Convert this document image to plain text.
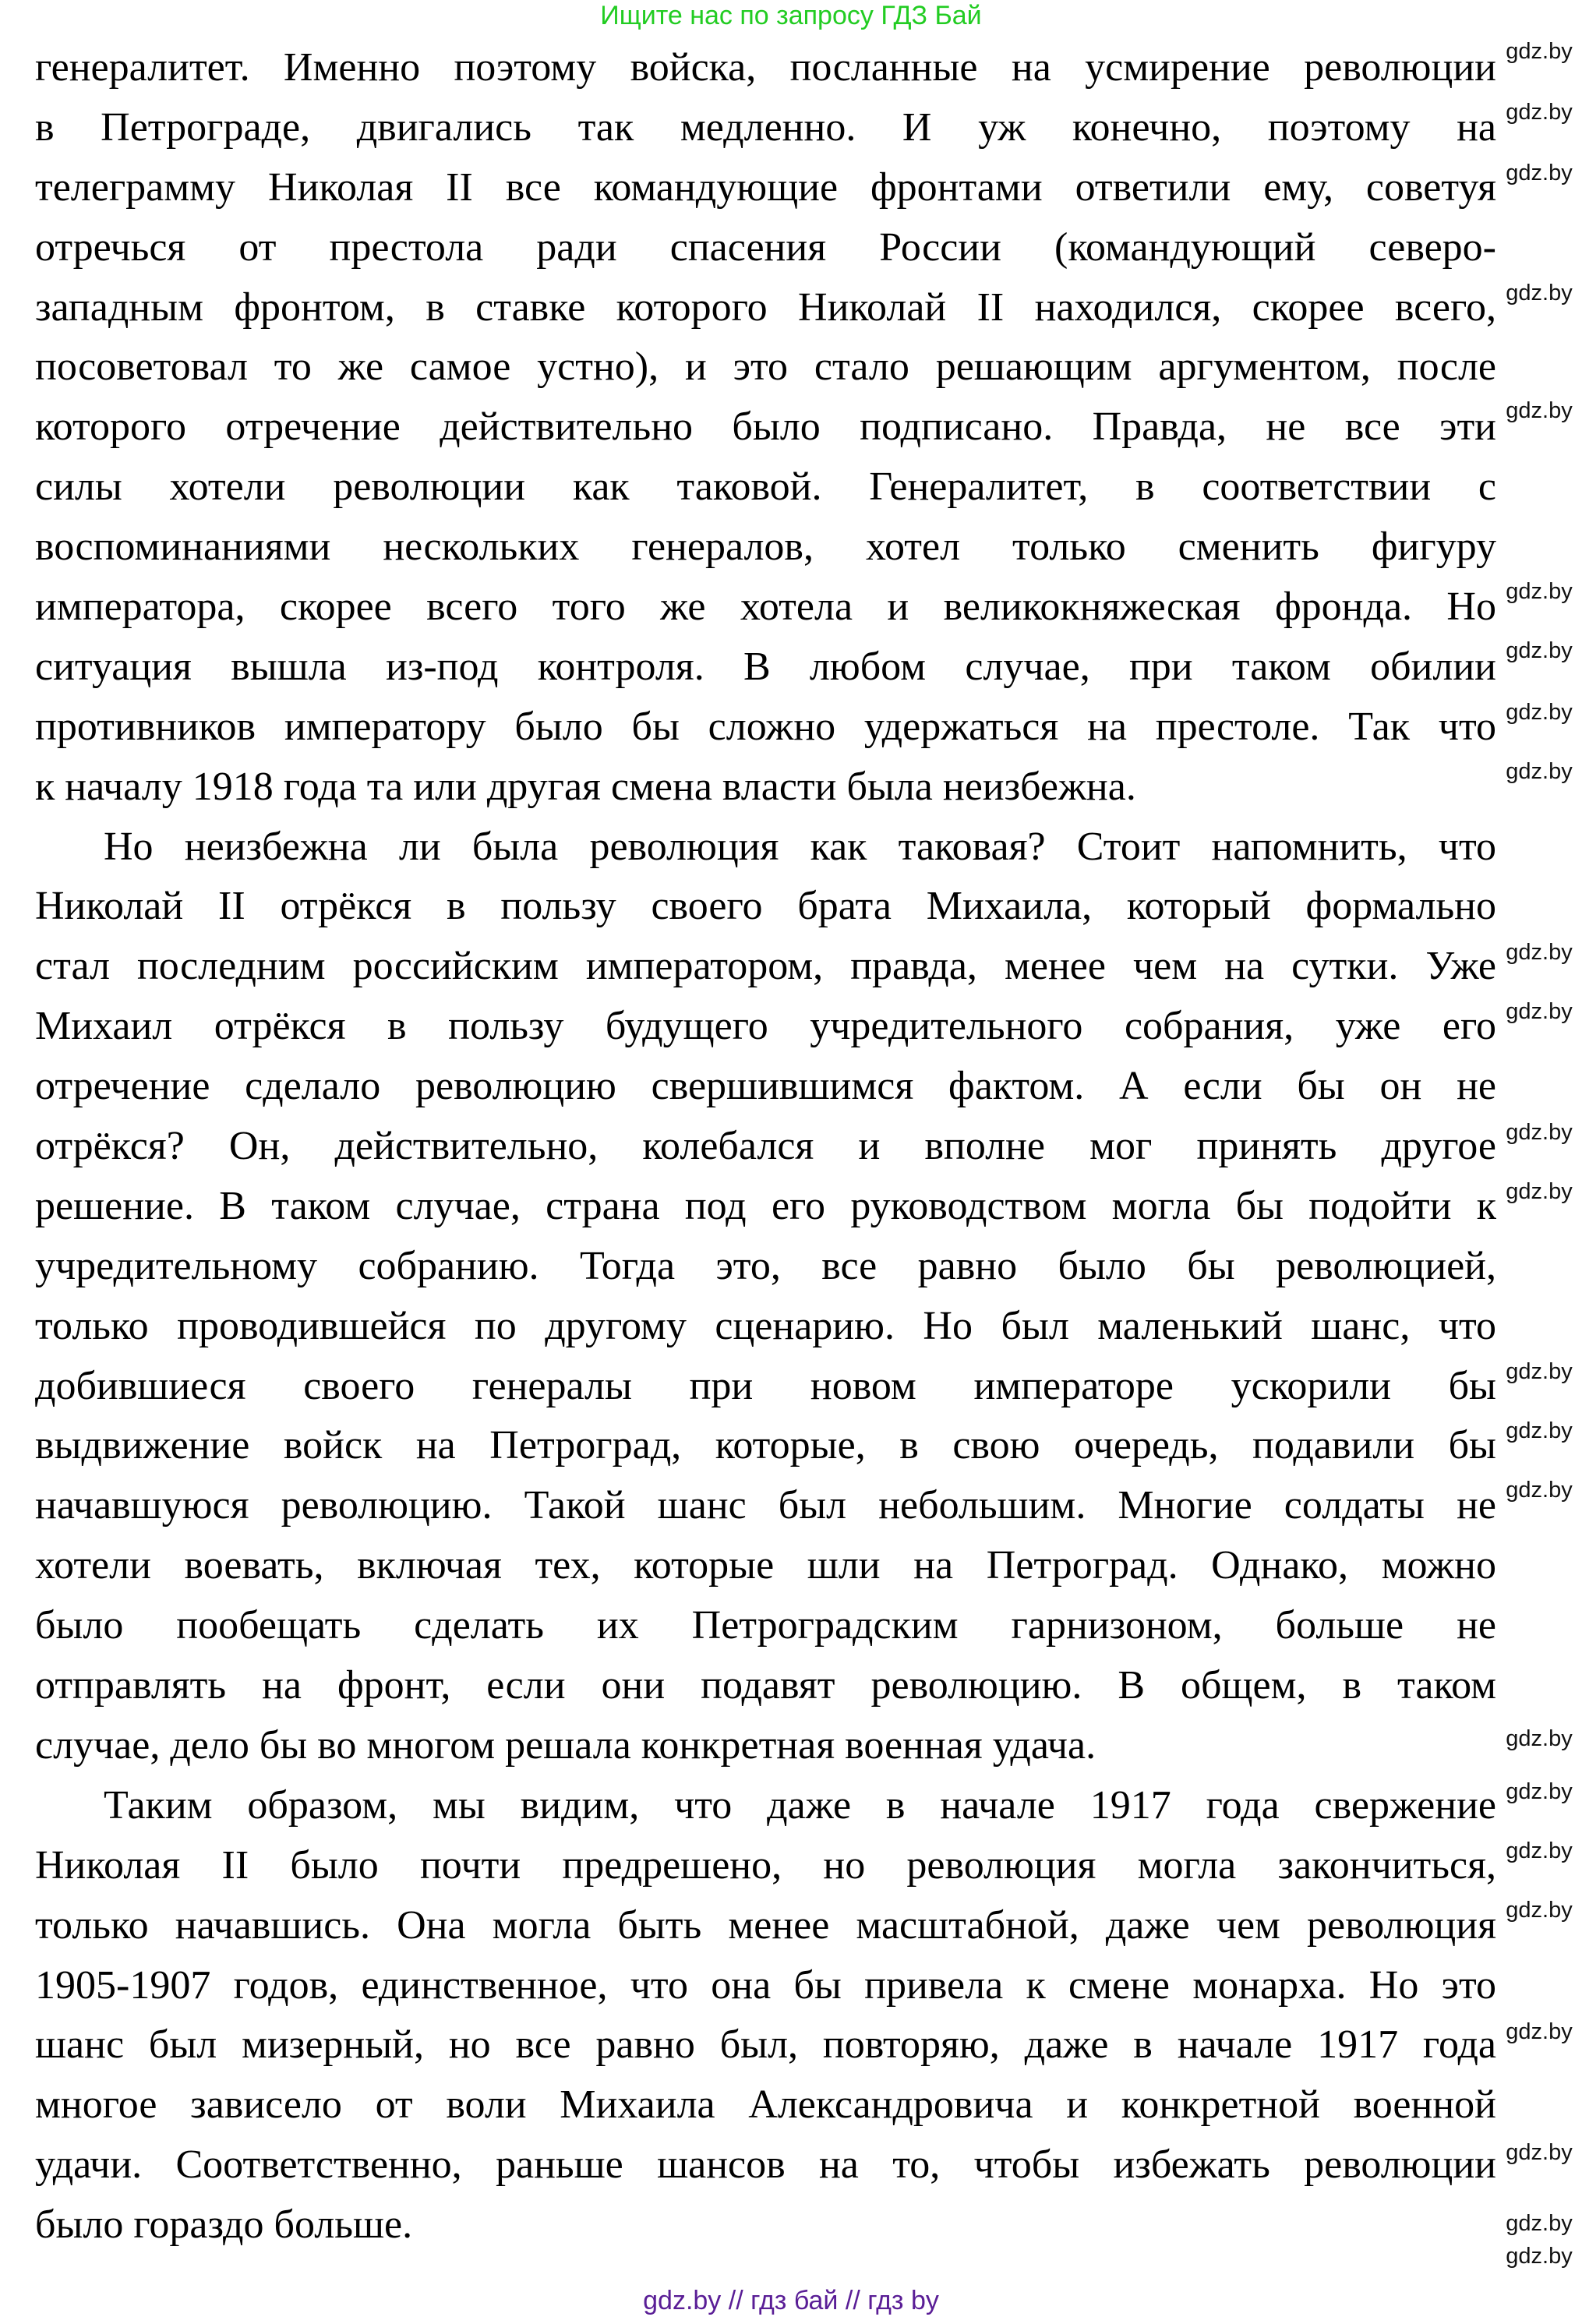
Ищите нас по запросу ГДЗ Бай
генералитет. Именно поэтому войска, посланные на усмирение революции
в Петрограде, двигались так медленно. И уж конечно, поэтому на
телеграмму Николая II все командующие фронтами ответили ему, советуя
отречься от престола ради спасения России (командующий северо-
западным фронтом, в ставке которого Николай II находился, скорее всего,
посоветовал то же самое устно), и это стало решающим аргументом, после
которого отречение действительно было подписано. Правда, не все эти
силы хотели революции как таковой. Генералитет, в соответствии с
воспоминаниями нескольких генералов, хотел только сменить фигуру
императора, скорее всего того же хотела и великокняжеская фронда. Но
ситуация вышла из-под контроля. В любом случае, при таком обилии
противников императору было бы сложно удержаться на престоле. Так что
к началу 1918 года та или другая смена власти была неизбежна.
Но неизбежна ли была революция как таковая? Стоит напомнить, что
Николай II отрёкся в пользу своего брата Михаила, который формально
стал последним российским императором, правда, менее чем на сутки. Уже
Михаил отрёкся в пользу будущего учредительного собрания, уже его
отречение сделало революцию свершившимся фактом. А если бы он не
отрёкся? Он, действительно, колебался и вполне мог принять другое
решение. В таком случае, страна под его руководством могла бы подойти к
учредительному собранию. Тогда это, все равно было бы революцией,
только проводившейся по другому сценарию. Но был маленький шанс, что
добившиеся своего генералы при новом императоре ускорили бы
выдвижение войск на Петроград, которые, в свою очередь, подавили бы
начавшуюся революцию. Такой шанс был небольшим. Многие солдаты не
хотели воевать, включая тех, которые шли на Петроград. Однако, можно
было пообещать сделать их Петроградским гарнизоном, больше не
отправлять на фронт, если они подавят революцию. В общем, в таком
случае, дело бы во многом решала конкретная военная удача.
Таким образом, мы видим, что даже в начале 1917 года свержение
Николая II было почти предрешено, но революция могла закончиться,
только начавшись. Она могла быть менее масштабной, даже чем революция
1905-1907 годов, единственное, что она бы привела к смене монарха. Но это
шанс был мизерный, но все равно был, повторяю, даже в начале 1917 года
многое зависело от воли Михаила Александровича и конкретной военной
удачи. Соответственно, раньше шансов на то, чтобы избежать революции
было гораздо больше.
gdz.by
gdz.by
gdz.by
gdz.by
gdz.by
gdz.by
gdz.by
gdz.by
gdz.by
gdz.by
gdz.by
gdz.by
gdz.by
gdz.by
gdz.by
gdz.by
gdz.by
gdz.by
gdz.by
gdz.by
gdz.by
gdz.by
gdz.by
gdz.by
gdz.by // гдз бай // гдз by
